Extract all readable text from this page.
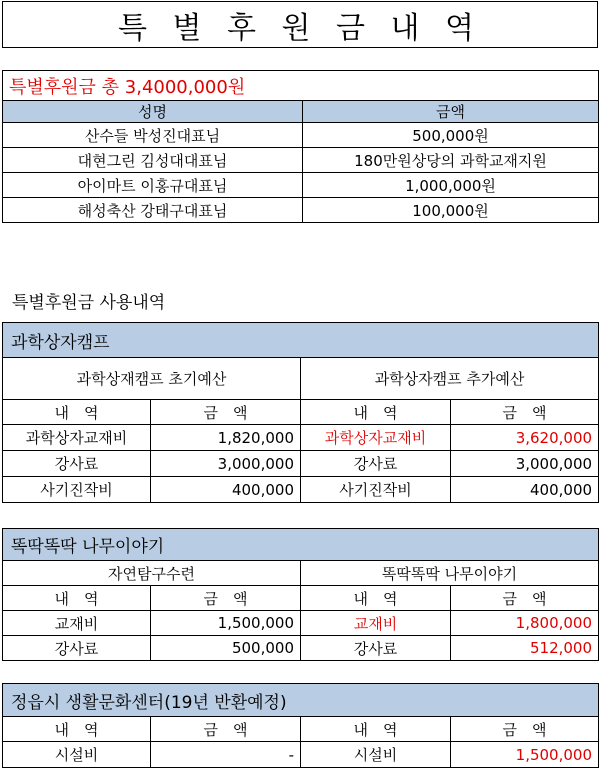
특 별 후 원 금 내 역
특별후원금 총 3,4000,000원	
성명	금액
산수들 박성진대표님	500,000원
대현그린 김성대대표님	180만원상당의 과학교재지원
아이마트 이홍규대표님	1,000,000원
해성축산 강태구대표님	100,000원
특별후원금 사용내역
과학상자캠프			
과학상재캠프 초기예산		과학상자캠프 추가예산	
내　역	금　액	내　역	금　액
과학상자교재비	1,820,000	과학상자교재비	3,620,000
강사료	3,000,000	강사료	3,000,000
사기진작비	400,000	사기진작비	400,000
똑딱똑딱 나무이야기			
자연탐구수련		똑딱똑딱 나무이야기	
내　역	금　액	내　역	금　액
교재비	1,500,000	교재비	1,800,000
강사료	500,000	강사료	512,000
정읍시 생활문화센터(19년 반환예정)			
내　역	금　액	내　역	금　액
시설비	-	시설비	1,500,000
